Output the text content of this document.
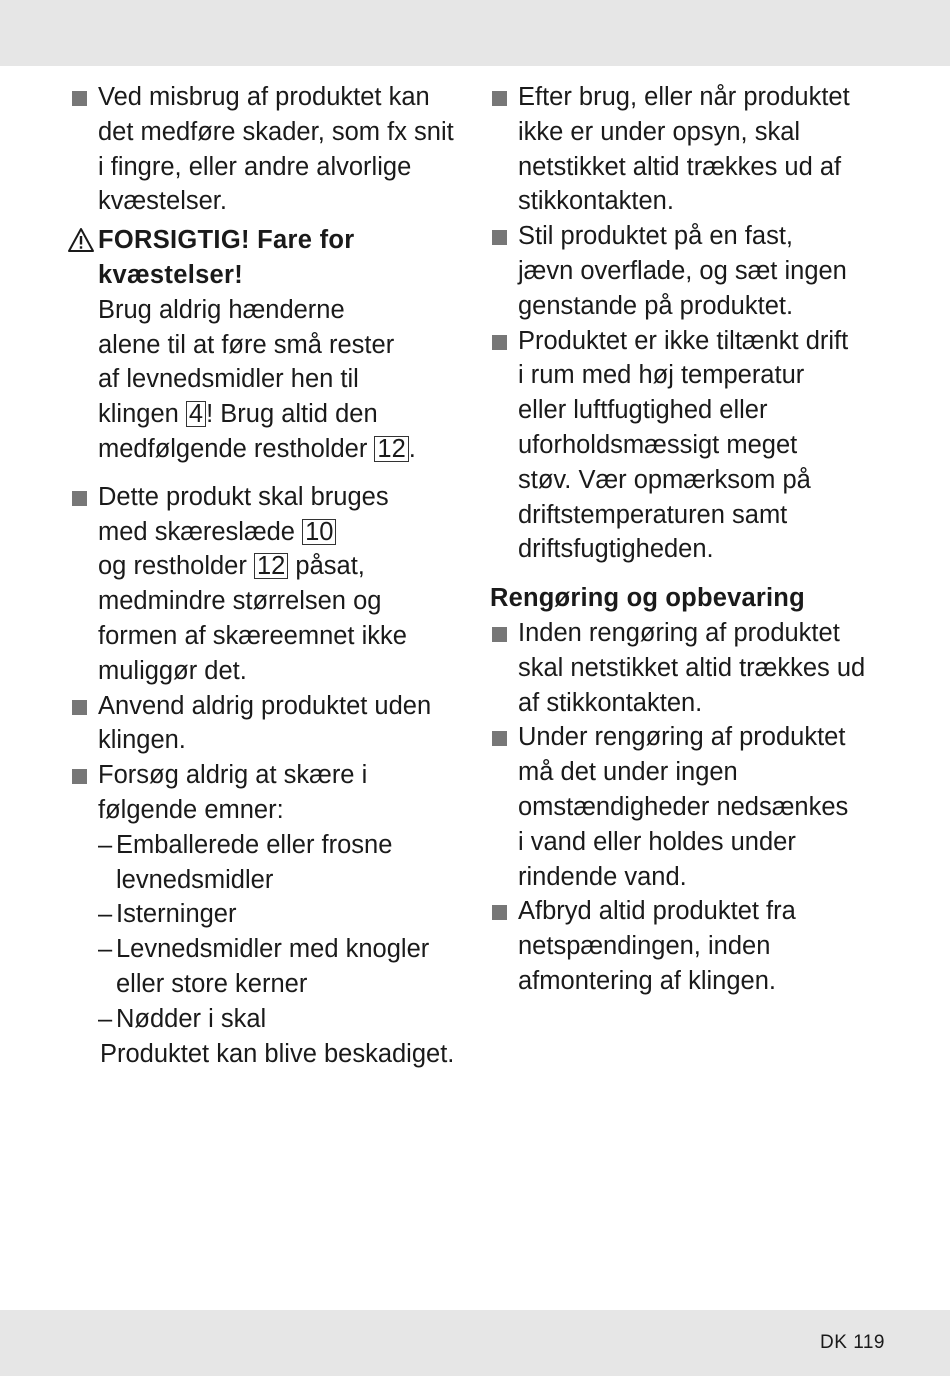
Ved misbrug af produktet kan
det medføre skader, som fx snit
i fingre, eller andre alvorlige
kvæstelser.
FORSIGTIG! Fare for
kvæstelser!
Brug aldrig hænderne
alene til at føre små rester
af levnedsmidler hen til
klingen 4 ! Brug altid den
medfølgende restholder 12 .
Dette produkt skal bruges
med skæreslæde 10
og restholder 12 påsat,
medmindre størrelsen og
formen af skæreemnet ikke
muliggør det.
Anvend aldrig produktet uden
klingen.
Forsøg aldrig at skære i
følgende emner:
– Emballerede eller frosne
levnedsmidler
– Isterninger
– Levnedsmidler med knogler
eller store kerner
– Nødder i skal
Produktet kan blive beskadiget.
Efter brug, eller når produktet
ikke er under opsyn, skal
netstikket altid trækkes ud af
stikkontakten.
Stil produktet på en fast,
jævn overflade, og sæt ingen
genstande på produktet.
Produktet er ikke tiltænkt drift
i rum med høj temperatur
eller luftfugtighed eller
uforholdsmæssigt meget
støv. Vær opmærksom på
driftstemperaturen samt
driftsfugtigheden.
Rengøring og opbevaring
Inden rengøring af produktet
skal netstikket altid trækkes ud
af stikkontakten.
Under rengøring af produktet
må det under ingen
omstændigheder nedsænkes
i vand eller holdes under
rindende vand.
Afbryd altid produktet fra
netspændingen, inden
afmontering af klingen.
DK 119
